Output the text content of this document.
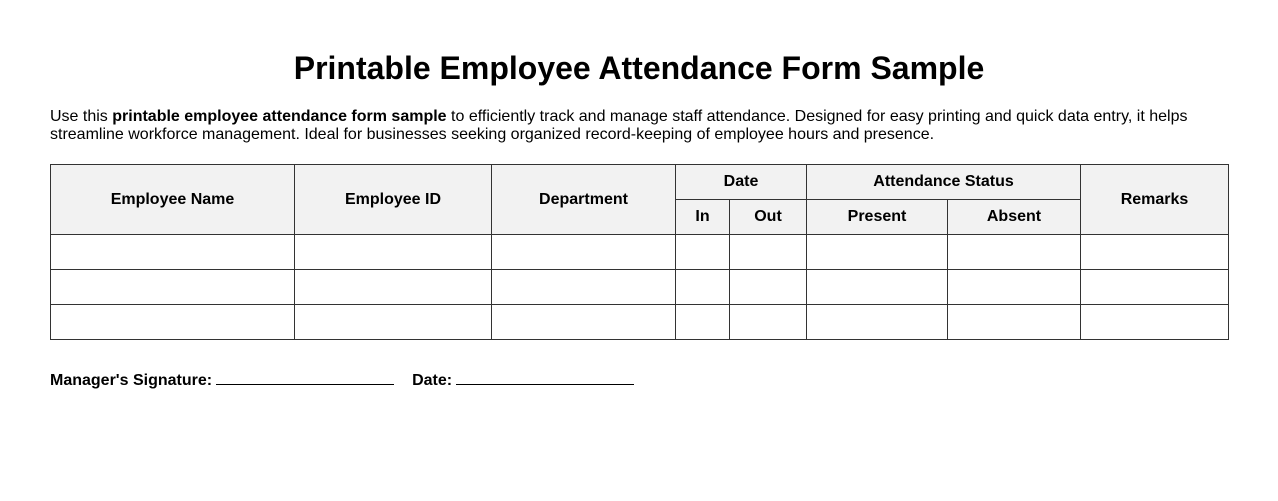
Printable Employee Attendance Form Sample

Use this printable employee attendance form sample to efficiently track and manage staff attendance. Designed for easy printing and quick data entry, it helps streamline workforce management. Ideal for businesses seeking organized record-keeping of employee hours and presence.

Employee Name	Employee ID	Department	Date		Attendance Status		Remarks
			In	Out	Present	Absent	

Manager's Signature:	Date:
